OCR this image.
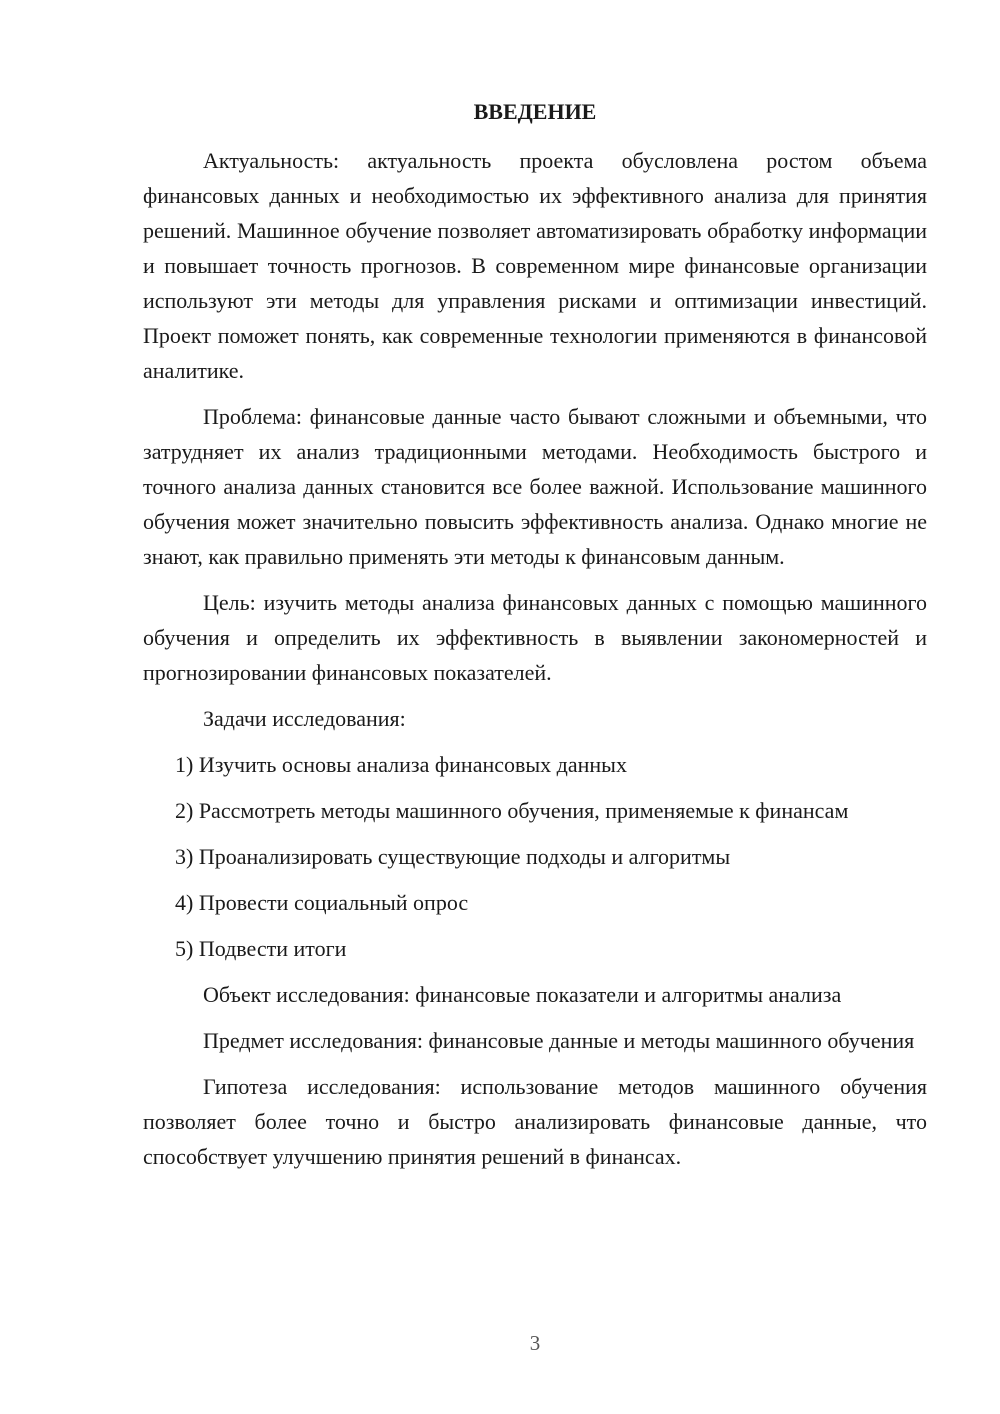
ВВЕДЕНИЕ

Актуальность: актуальность проекта обусловлена ростом объема финансовых данных и необходимостью их эффективного анализа для принятия решений. Машинное обучение позволяет автоматизировать обработку информации и повышает точность прогнозов. В современном мире финансовые организации используют эти методы для управления рисками и оптимизации инвестиций. Проект поможет понять, как современные технологии применяются в финансовой аналитике.

Проблема: финансовые данные часто бывают сложными и объемными, что затрудняет их анализ традиционными методами. Необходимость быстрого и точного анализа данных становится все более важной. Использование машинного обучения может значительно повысить эффективность анализа. Однако многие не знают, как правильно применять эти методы к финансовым данным.

Цель: изучить методы анализа финансовых данных с помощью машинного обучения и определить их эффективность в выявлении закономерностей и прогнозировании финансовых показателей.

Задачи исследования:

1) Изучить основы анализа финансовых данных

2) Рассмотреть методы машинного обучения, применяемые к финансам

3) Проанализировать существующие подходы и алгоритмы

4) Провести социальный опрос

5) Подвести итоги

Объект исследования: финансовые показатели и алгоритмы анализа

Предмет исследования: финансовые данные и методы машинного обучения

Гипотеза исследования: использование методов машинного обучения позволяет более точно и быстро анализировать финансовые данные, что способствует улучшению принятия решений в финансах.

3
